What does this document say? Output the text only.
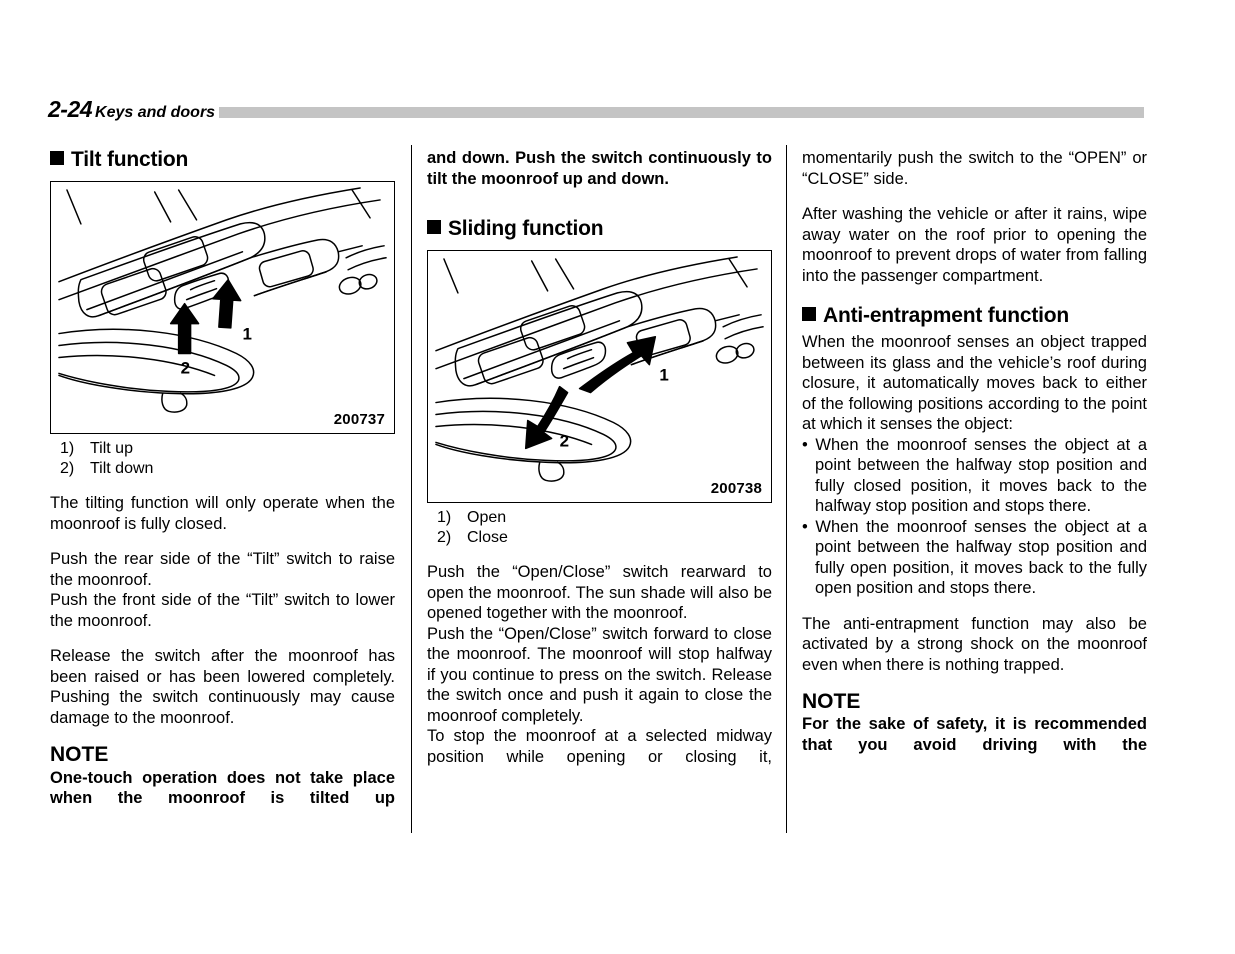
2-24 Keys and doors
Tilt function
1
2
200737
1) Tilt up
2) Tilt down

The tilting function will only operate when the moonroof is fully closed.

Push the rear side of the “Tilt” switch to raise the moonroof.

Push the front side of the “Tilt” switch to lower the moonroof.

Release the switch after the moonroof has been raised or has been lowered completely. Pushing the switch continuously may cause damage to the moonroof.

NOTE

One-touch operation does not take place when the moonroof is tilted up

and down. Push the switch continuously to tilt the moonroof up and down.

Sliding function
1
2
200738
1) Open
2) Close

Push the “Open/Close” switch rearward to open the moonroof. The sun shade will also be opened together with the moonroof.

Push the “Open/Close” switch forward to close the moonroof. The moonroof will stop halfway if you continue to press on the switch. Release the switch once and push it again to close the moonroof completely.

To stop the moonroof at a selected midway position while opening or closing it,

momentarily push the switch to the “OPEN” or “CLOSE” side.

After washing the vehicle or after it rains, wipe away water on the roof prior to opening the moonroof to prevent drops of water from falling into the passenger compartment.

Anti-entrapment function

When the moonroof senses an object trapped between its glass and the vehicle’s roof during closure, it automatically moves back to either of the following positions according to the point at which it senses the object:

• When the moonroof senses the object at a point between the halfway stop position and fully closed position, it moves back to the halfway stop position and stops there.

• When the moonroof senses the object at a point between the halfway stop position and fully open position, it moves back to the fully open position and stops there.

The anti-entrapment function may also be activated by a strong shock on the moonroof even when there is nothing trapped.

NOTE

For the sake of safety, it is recommended that you avoid driving with the
